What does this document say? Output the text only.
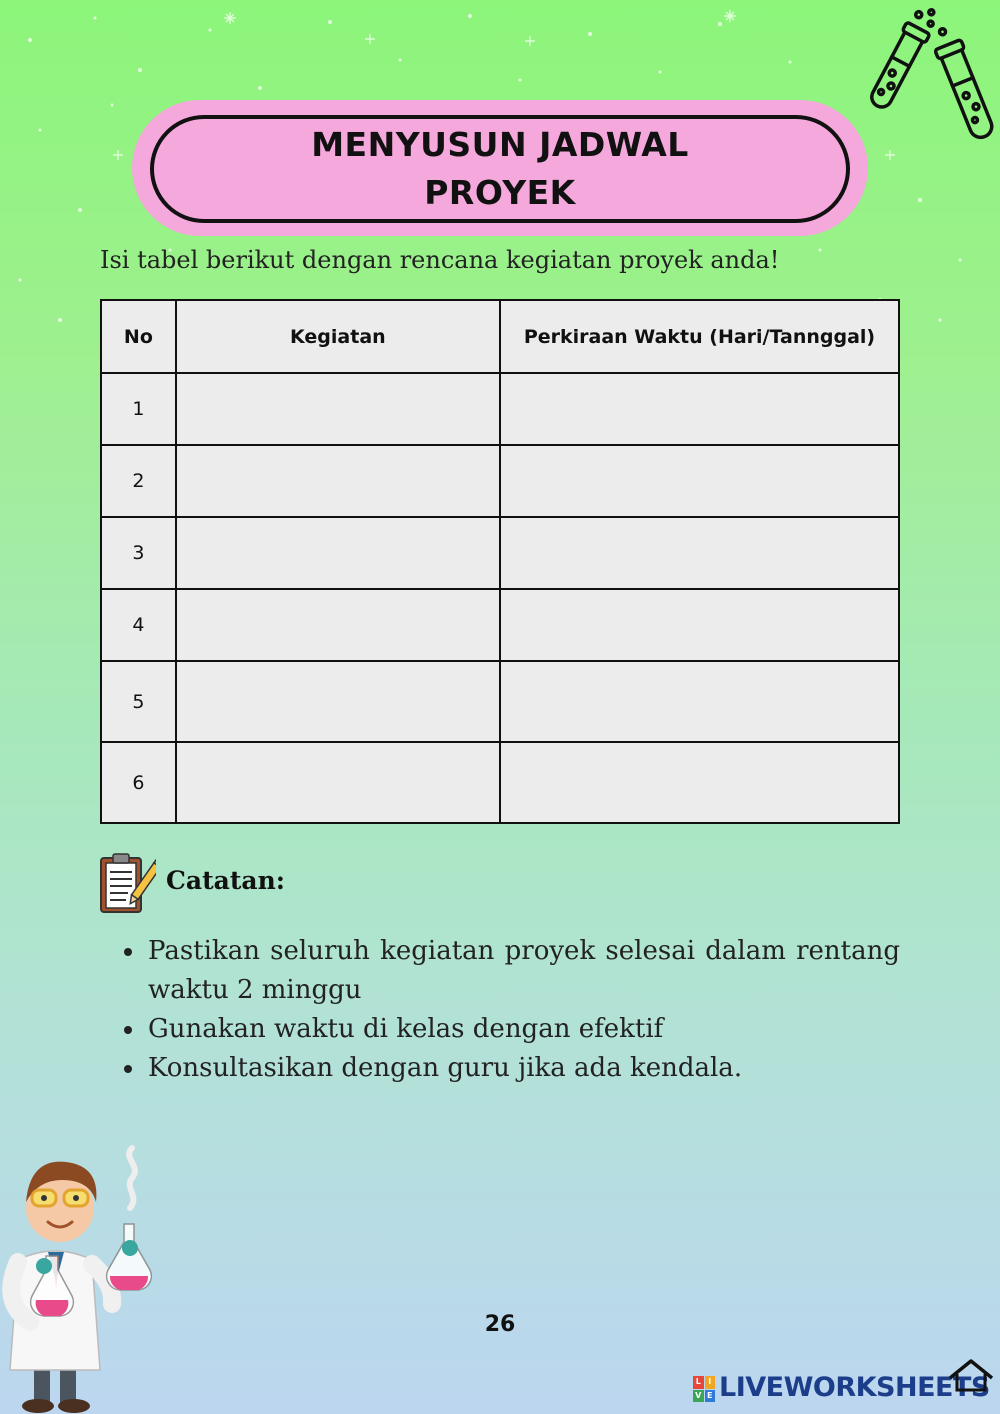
MENYUSUN JADWAL
PROYEK

Isi tabel berikut dengan rencana kegiatan proyek anda!

No	Kegiatan	Perkiraan Waktu (Hari/Tannggal)
1		
2		
3		
4		
5		
6		
Catatan:
Pastikan seluruh kegiatan proyek selesai dalam rentang waktu 2 minggu
Gunakan waktu di kelas dengan efektif
Konsultasikan dengan guru jika ada kendala.
26
L I
V E LIVEWORKSHEETS
